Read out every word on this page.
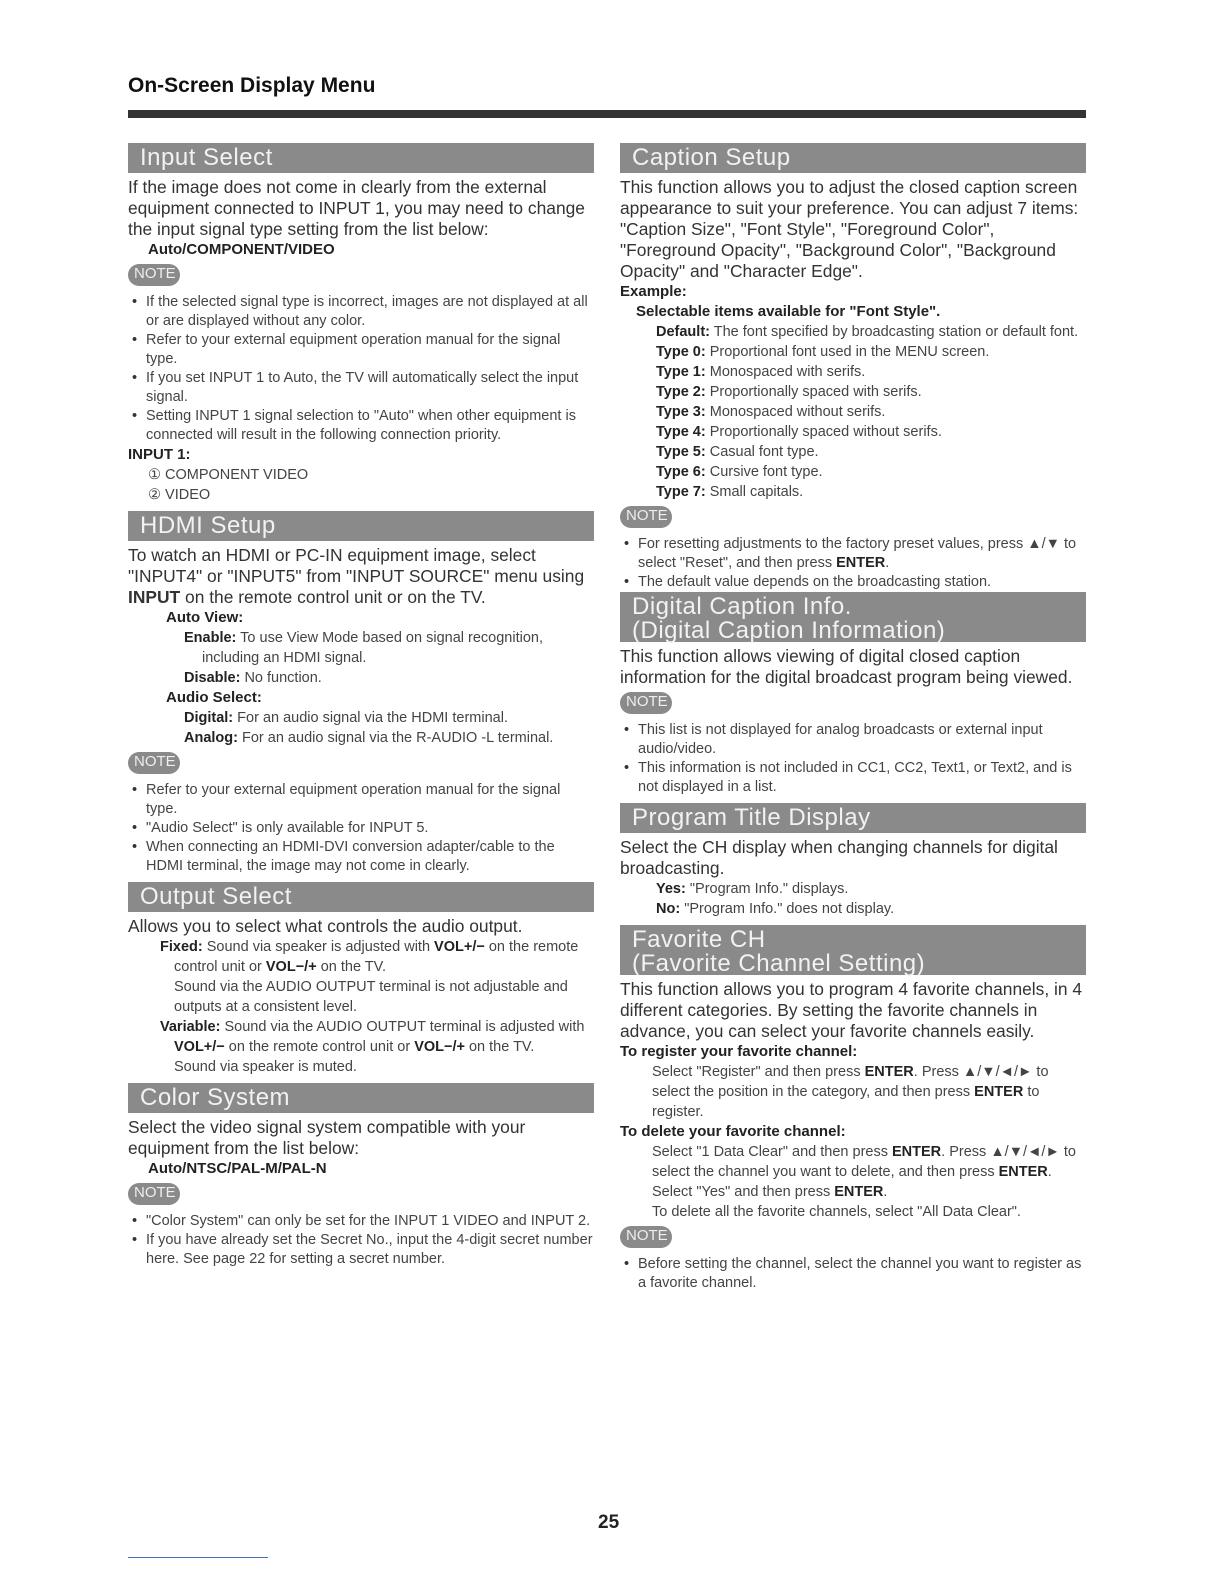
On-Screen Display Menu
Input Select

If the image does not come in clearly from the external equipment connected to INPUT 1, you may need to change the input signal type setting from the list below:

Auto/COMPONENT/VIDEO
NOTE
• If the selected signal type is incorrect, images are not displayed at all or are displayed without any color.
• Refer to your external equipment operation manual for the signal type.
• If you set INPUT 1 to Auto, the TV will automatically select the input signal.
• Setting INPUT 1 signal selection to "Auto" when other equipment is connected will result in the following connection priority.
INPUT 1:
① COMPONENT VIDEO
② VIDEO
HDMI Setup

To watch an HDMI or PC-IN equipment image, select "INPUT4" or "INPUT5" from "INPUT SOURCE" menu using INPUT on the remote control unit or on the TV.

Auto View:
Enable: To use View Mode based on signal recognition, including an HDMI signal.
Disable: No function.
Audio Select:
Digital: For an audio signal via the HDMI terminal.
Analog: For an audio signal via the R-AUDIO -L terminal.
NOTE
• Refer to your external equipment operation manual for the signal type.
• "Audio Select" is only available for INPUT 5.
• When connecting an HDMI-DVI conversion adapter/cable to the HDMI terminal, the image may not come in clearly.
Output Select

Allows you to select what controls the audio output.

Fixed: Sound via speaker is adjusted with VOL+/− on the remote control unit or VOL−/+ on the TV.
Sound via the AUDIO OUTPUT terminal is not adjustable and outputs at a consistent level.
Variable: Sound via the AUDIO OUTPUT terminal is adjusted with VOL+/− on the remote control unit or VOL−/+ on the TV.
Sound via speaker is muted.
Color System

Select the video signal system compatible with your equipment from the list below:

Auto/NTSC/PAL-M/PAL-N
NOTE
• "Color System" can only be set for the INPUT 1 VIDEO and INPUT 2.
• If you have already set the Secret No., input the 4-digit secret number here. See page 22 for setting a secret number.
Caption Setup

This function allows you to adjust the closed caption screen appearance to suit your preference. You can adjust 7 items: "Caption Size", "Font Style", "Foreground Color", "Foreground Opacity", "Background Color", "Background Opacity" and "Character Edge".

Example:
Selectable items available for "Font Style".
Default: The font specified by broadcasting station or default font.
Type 0: Proportional font used in the MENU screen.
Type 1: Monospaced with serifs.
Type 2: Proportionally spaced with serifs.
Type 3: Monospaced without serifs.
Type 4: Proportionally spaced without serifs.
Type 5: Casual font type.
Type 6: Cursive font type.
Type 7: Small capitals.
NOTE
• For resetting adjustments to the factory preset values, press ▲/▼ to select "Reset", and then press ENTER.
• The default value depends on the broadcasting station.
Digital Caption Info.
(Digital Caption Information)

This function allows viewing of digital closed caption information for the digital broadcast program being viewed.

NOTE
• This list is not displayed for analog broadcasts or external input audio/video.
• This information is not included in CC1, CC2, Text1, or Text2, and is not displayed in a list.
Program Title Display

Select the CH display when changing channels for digital broadcasting.

Yes: "Program Info." displays.
No: "Program Info." does not display.
Favorite CH
(Favorite Channel Setting)

This function allows you to program 4 favorite channels, in 4 different categories. By setting the favorite channels in advance, you can select your favorite channels easily.

To register your favorite channel:
Select "Register" and then press ENTER. Press ▲/▼/◄/► to select the position in the category, and then press ENTER to register.
To delete your favorite channel:
Select "1 Data Clear" and then press ENTER. Press ▲/▼/◄/► to select the channel you want to delete, and then press ENTER. Select "Yes" and then press ENTER.
To delete all the favorite channels, select "All Data Clear".
NOTE
• Before setting the channel, select the channel you want to register as a favorite channel.
25
